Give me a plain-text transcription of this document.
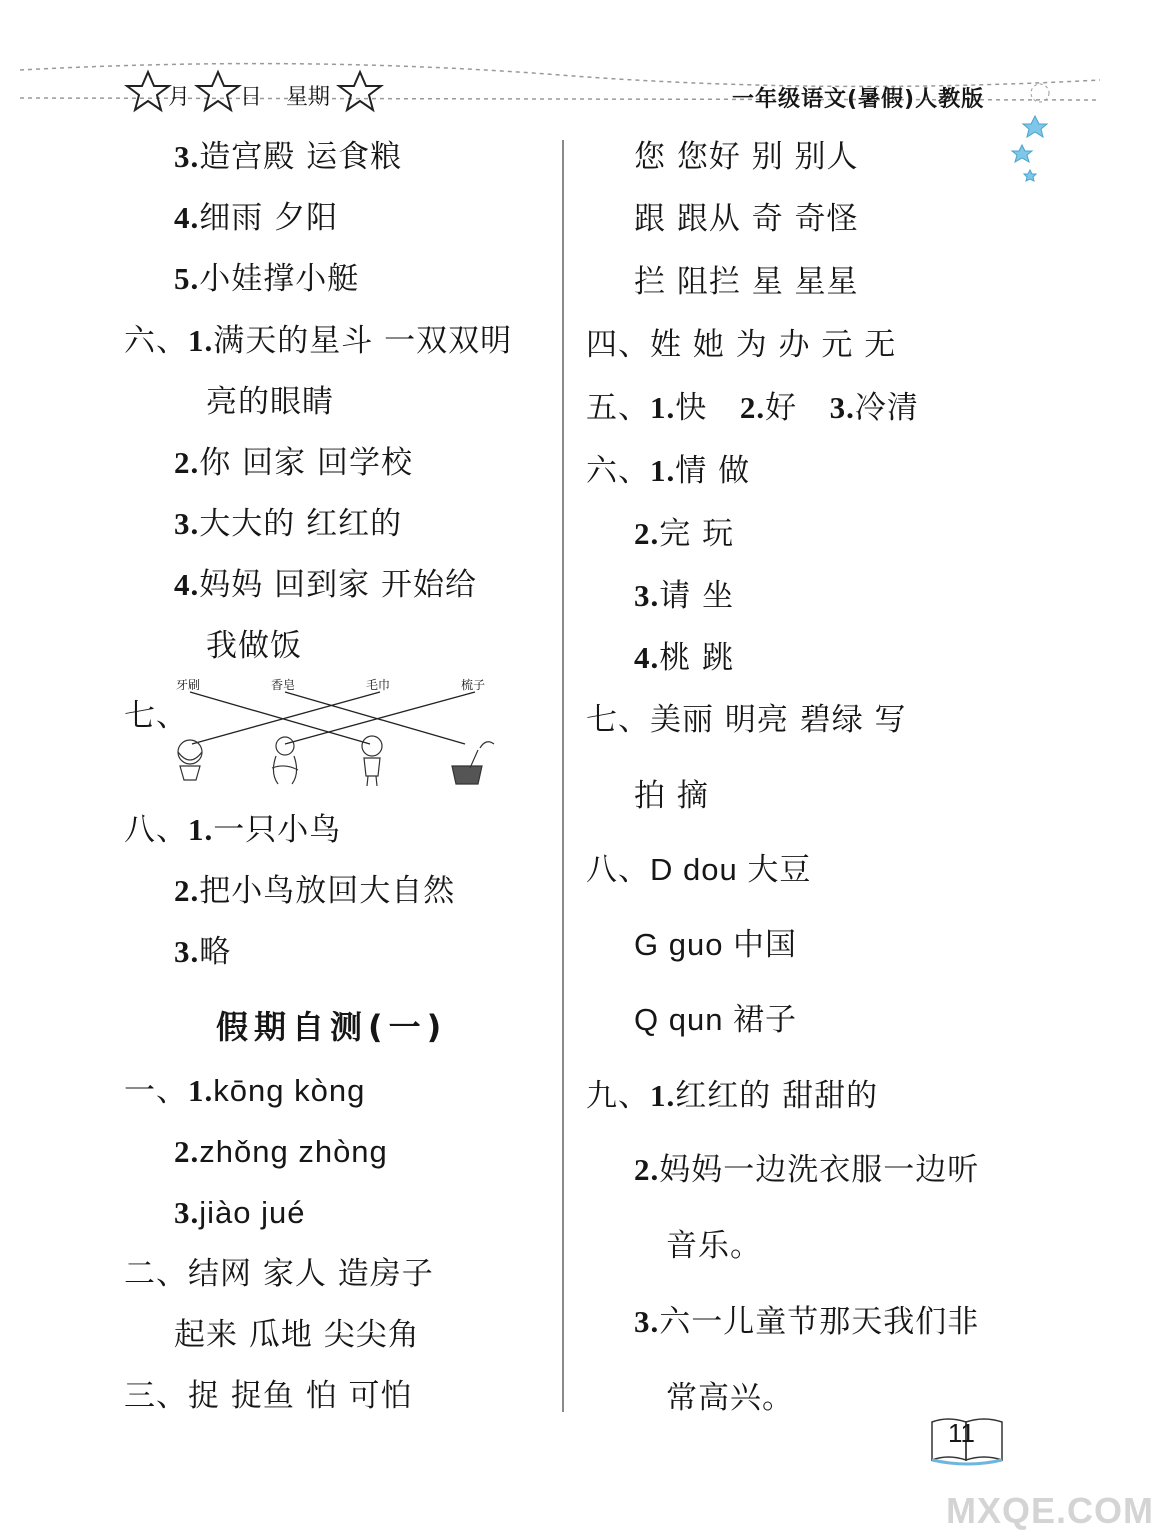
月 日 星期	一年级语文(暑假)人教版
3.造宫殿 运食粮
4.细雨 夕阳
5.小娃撑小艇
六、1.满天的星斗 一双双明
亮的眼睛
2.你 回家 回学校
3.大大的 红红的
4.妈妈 回到家 开始给
我做饭
七、
牙刷	香皂	毛巾	梳子
八、1.一只小鸟
2.把小鸟放回大自然
3.略
假期自测(一)
一、1.kōng kòng
2.zhǒng zhòng
3.jiào jué
二、结网 家人 造房子
起来 瓜地 尖尖角
三、捉 捉鱼 怕 可怕
您 您好 别 别人
跟 跟从 奇 奇怪
拦 阻拦 星 星星
四、姓 她 为 办 元 无
五、1.快 2.好 3.冷清
六、1.情 做
2.完 玩
3.请 坐
4.桃 跳
七、美丽 明亮 碧绿 写
拍 摘
八、D dou 大豆
G guo 中国
Q qun 裙子
九、1.红红的 甜甜的
2.妈妈一边洗衣服一边听
音乐。
3.六一儿童节那天我们非
常高兴。
11
MXQE.COM
